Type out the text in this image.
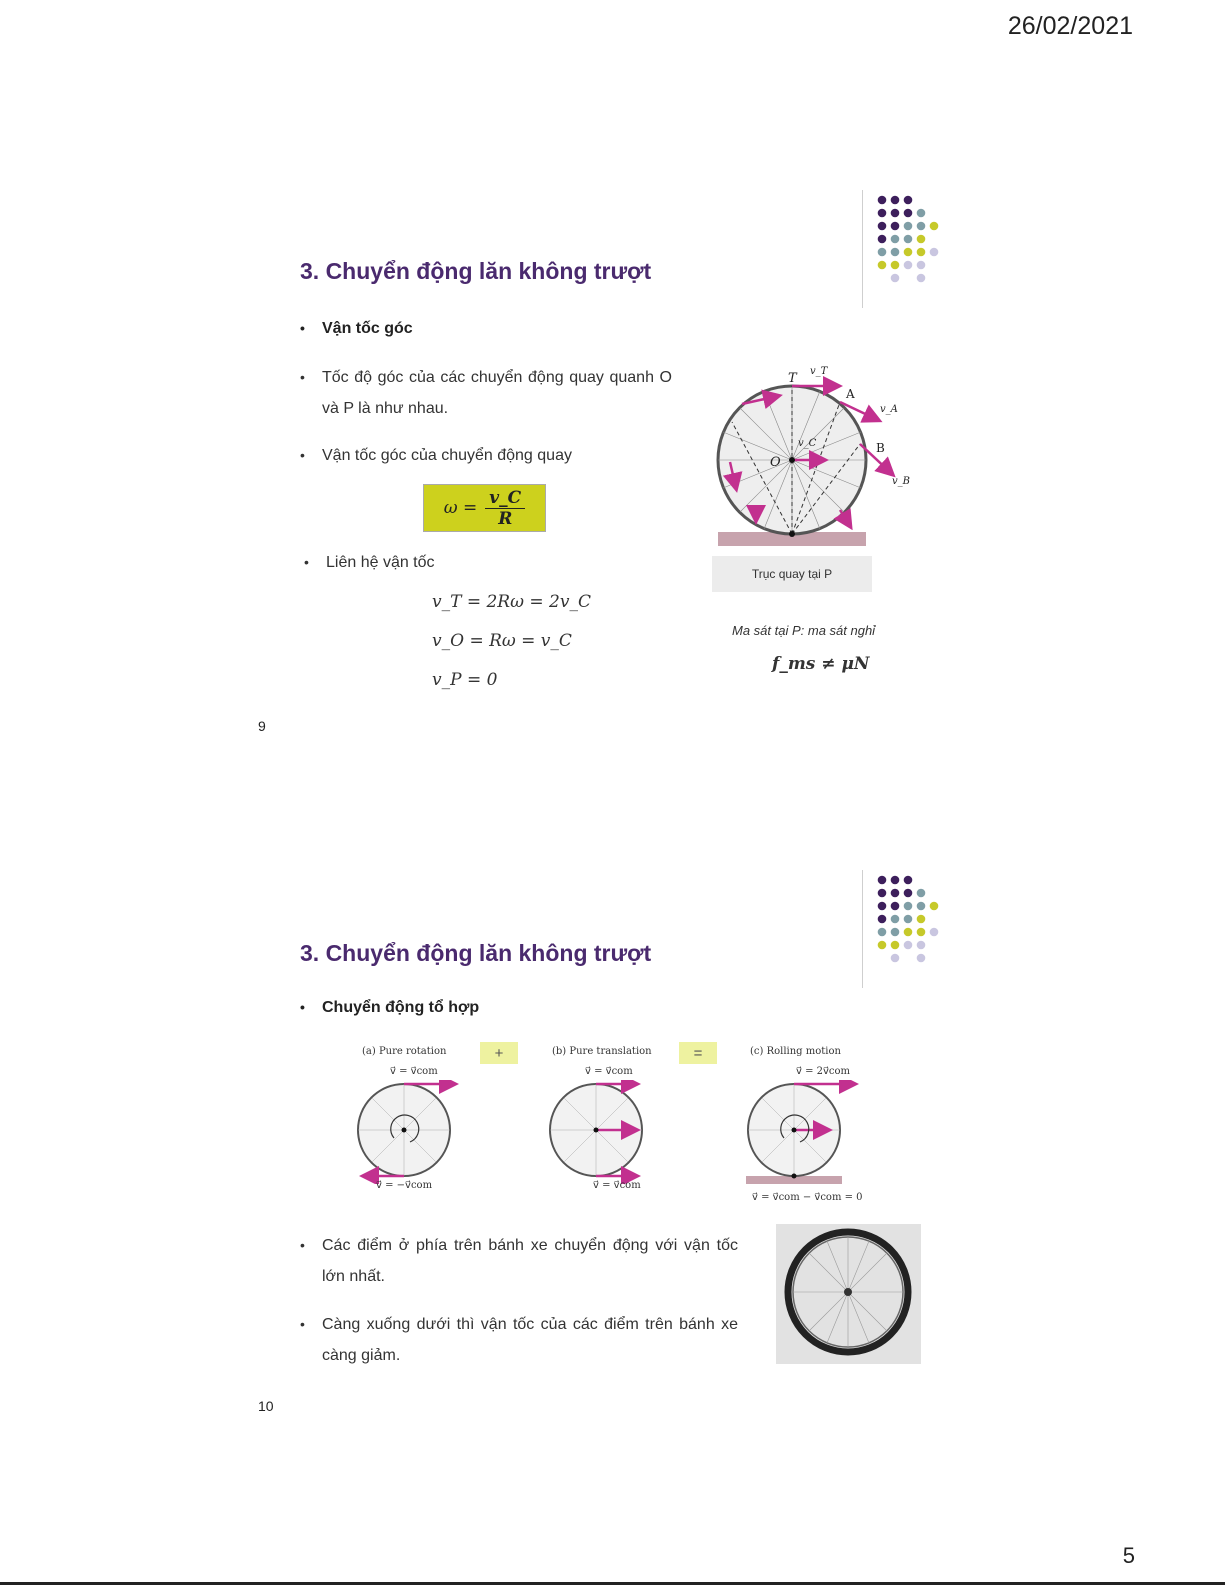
26/02/2021
5
3. Chuyển động lăn không trượt
• Vận tốc góc
• Tốc độ góc của các chuyển động quay quanh O và P là như nhau.
• Vận tốc góc của chuyển động quay
$\omega = \frac{v\_C}{R}$
• Liên hệ vận tốc
v_T = 2Rω = 2v_C
v_O = Rω = v_C
v_P = 0
T v_T
A
v_A
v_C
O
B
v_B
Trục quay tại P
Ma sát tại P: ma sát nghỉ
f_ms ≠ μN
9
3. Chuyển động lăn không trượt
• Chuyển động tổ hợp
(a) Pure rotation	+	(b) Pure translation	=	(c) Rolling motion
v⃗ = v⃗com	v⃗ = v⃗com	v⃗ = 2v⃗com
v⃗ = −v⃗com	v⃗ = v⃗com
v⃗ = v⃗com − v⃗com = 0
• Các điểm ở phía trên bánh xe chuyển động với vận tốc lớn nhất.
• Càng xuống dưới thì vận tốc của các điểm trên bánh xe càng giảm.
10
